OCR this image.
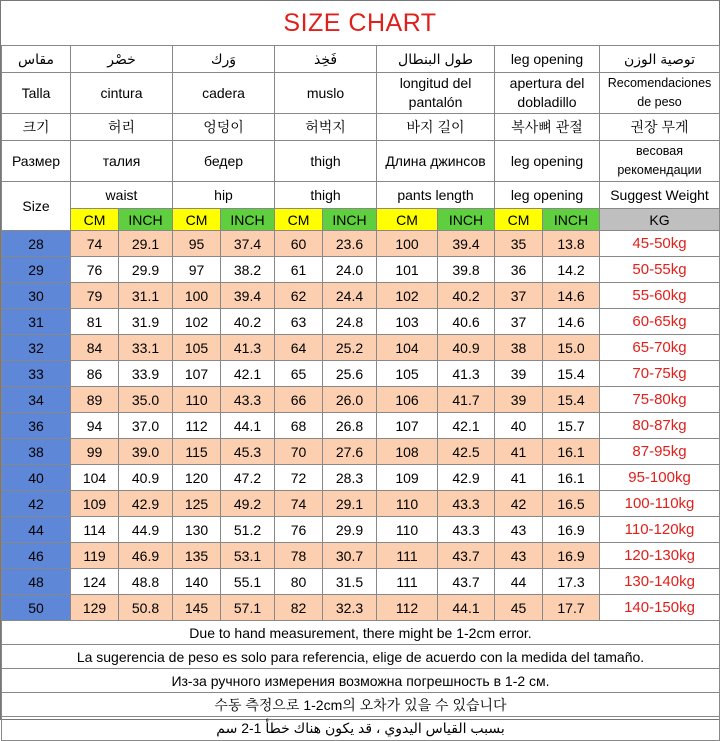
SIZE CHART
مقاس	خصْر		وَرك		فَخِذ		طول البنطال		leg opening		توصية الوزن
Talla	cintura		cadera		muslo		longitud del pantalón		apertura del dobladillo		Recomendaciones de peso
크기	허리		엉덩이		허벅지		바지 길이		복사뼈 관절		권장 무게
Размер	талия		бедер		thigh		Длина джинсов		leg opening		весовая рекомендации
Size	waist		hip		thigh		pants length		leg opening		Suggest Weight
	CM	INCH	CM	INCH	CM	INCH	CM	INCH	CM	INCH	KG
28	74	29.1	95	37.4	60	23.6	100	39.4	35	13.8	45-50kg
29	76	29.9	97	38.2	61	24.0	101	39.8	36	14.2	50-55kg
30	79	31.1	100	39.4	62	24.4	102	40.2	37	14.6	55-60kg
31	81	31.9	102	40.2	63	24.8	103	40.6	37	14.6	60-65kg
32	84	33.1	105	41.3	64	25.2	104	40.9	38	15.0	65-70kg
33	86	33.9	107	42.1	65	25.6	105	41.3	39	15.4	70-75kg
34	89	35.0	110	43.3	66	26.0	106	41.7	39	15.4	75-80kg
36	94	37.0	112	44.1	68	26.8	107	42.1	40	15.7	80-87kg
38	99	39.0	115	45.3	70	27.6	108	42.5	41	16.1	87-95kg
40	104	40.9	120	47.2	72	28.3	109	42.9	41	16.1	95-100kg
42	109	42.9	125	49.2	74	29.1	110	43.3	42	16.5	100-110kg
44	114	44.9	130	51.2	76	29.9	110	43.3	43	16.9	110-120kg
46	119	46.9	135	53.1	78	30.7	111	43.7	43	16.9	120-130kg
48	124	48.8	140	55.1	80	31.5	111	43.7	44	17.3	130-140kg
50	129	50.8	145	57.1	82	32.3	112	44.1	45	17.7	140-150kg
Due to hand measurement, there might be 1-2cm error.											
La sugerencia de peso es solo para referencia, elige de acuerdo con la medida del tamaño.											
Из-за ручного измерения возможна погрешность в 1-2 см.											
수동 측정으로 1-2cm의 오차가 있을 수 있습니다											
بسبب القياس اليدوي ، قد يكون هناك خطأ 1-2 سم											
